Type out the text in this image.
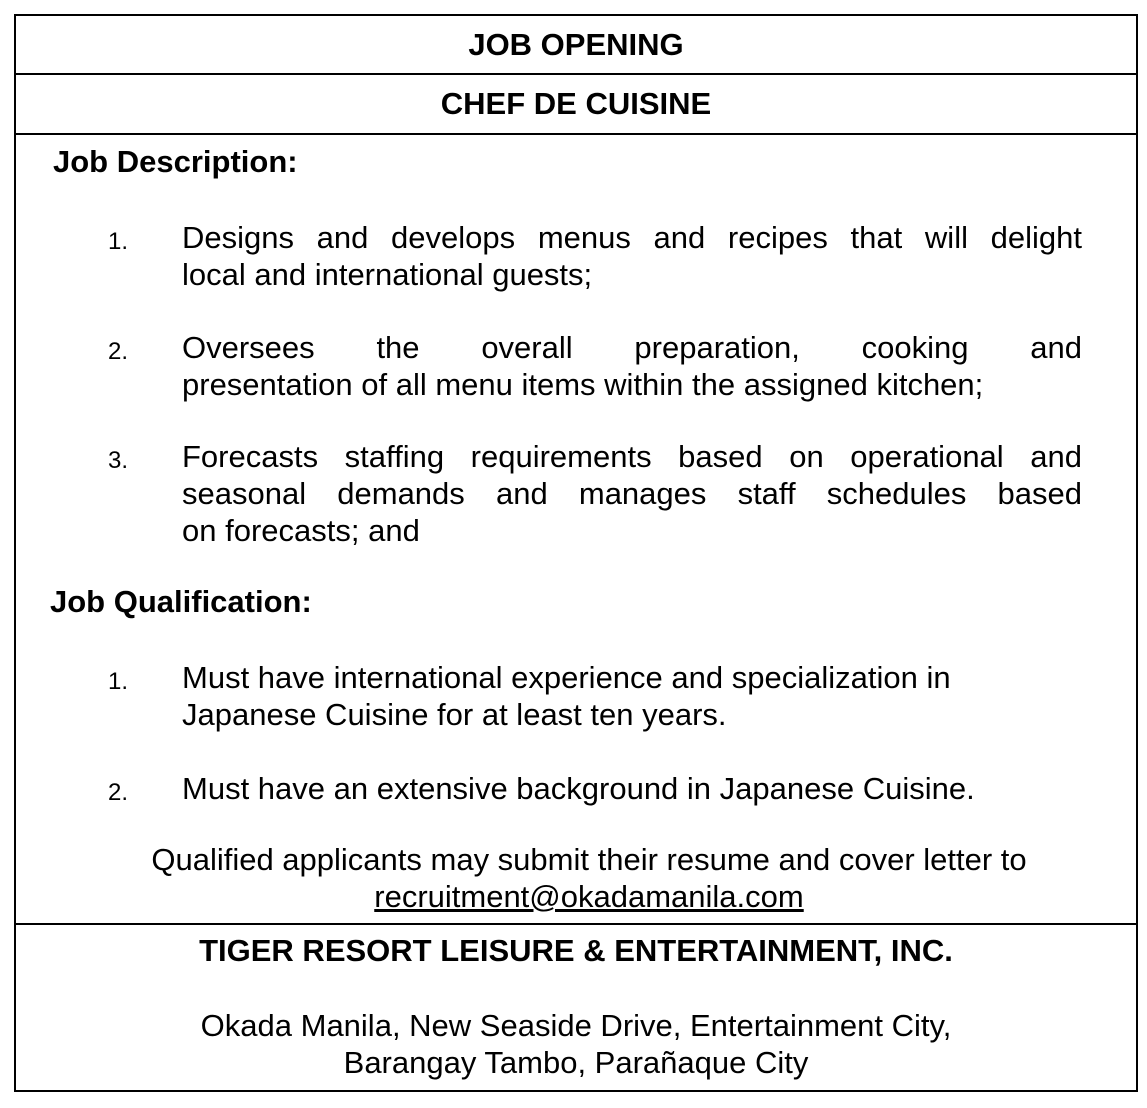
JOB OPENING
CHEF DE CUISINE
Job Description:
1. Designs and develops menus and recipes that will delight
local and international guests;
2. Oversees the overall preparation, cooking and
presentation of all menu items within the assigned kitchen;
3. Forecasts staffing requirements based on operational and
seasonal demands and manages staff schedules based
on forecasts; and
Job Qualification:
1. Must have international experience and specialization in
Japanese Cuisine for at least ten years.
2. Must have an extensive background in Japanese Cuisine.
Qualified applicants may submit their resume and cover letter to
recruitment@okadamanila.com
TIGER RESORT LEISURE & ENTERTAINMENT, INC.
Okada Manila, New Seaside Drive, Entertainment City,
Barangay Tambo, Parañaque City
